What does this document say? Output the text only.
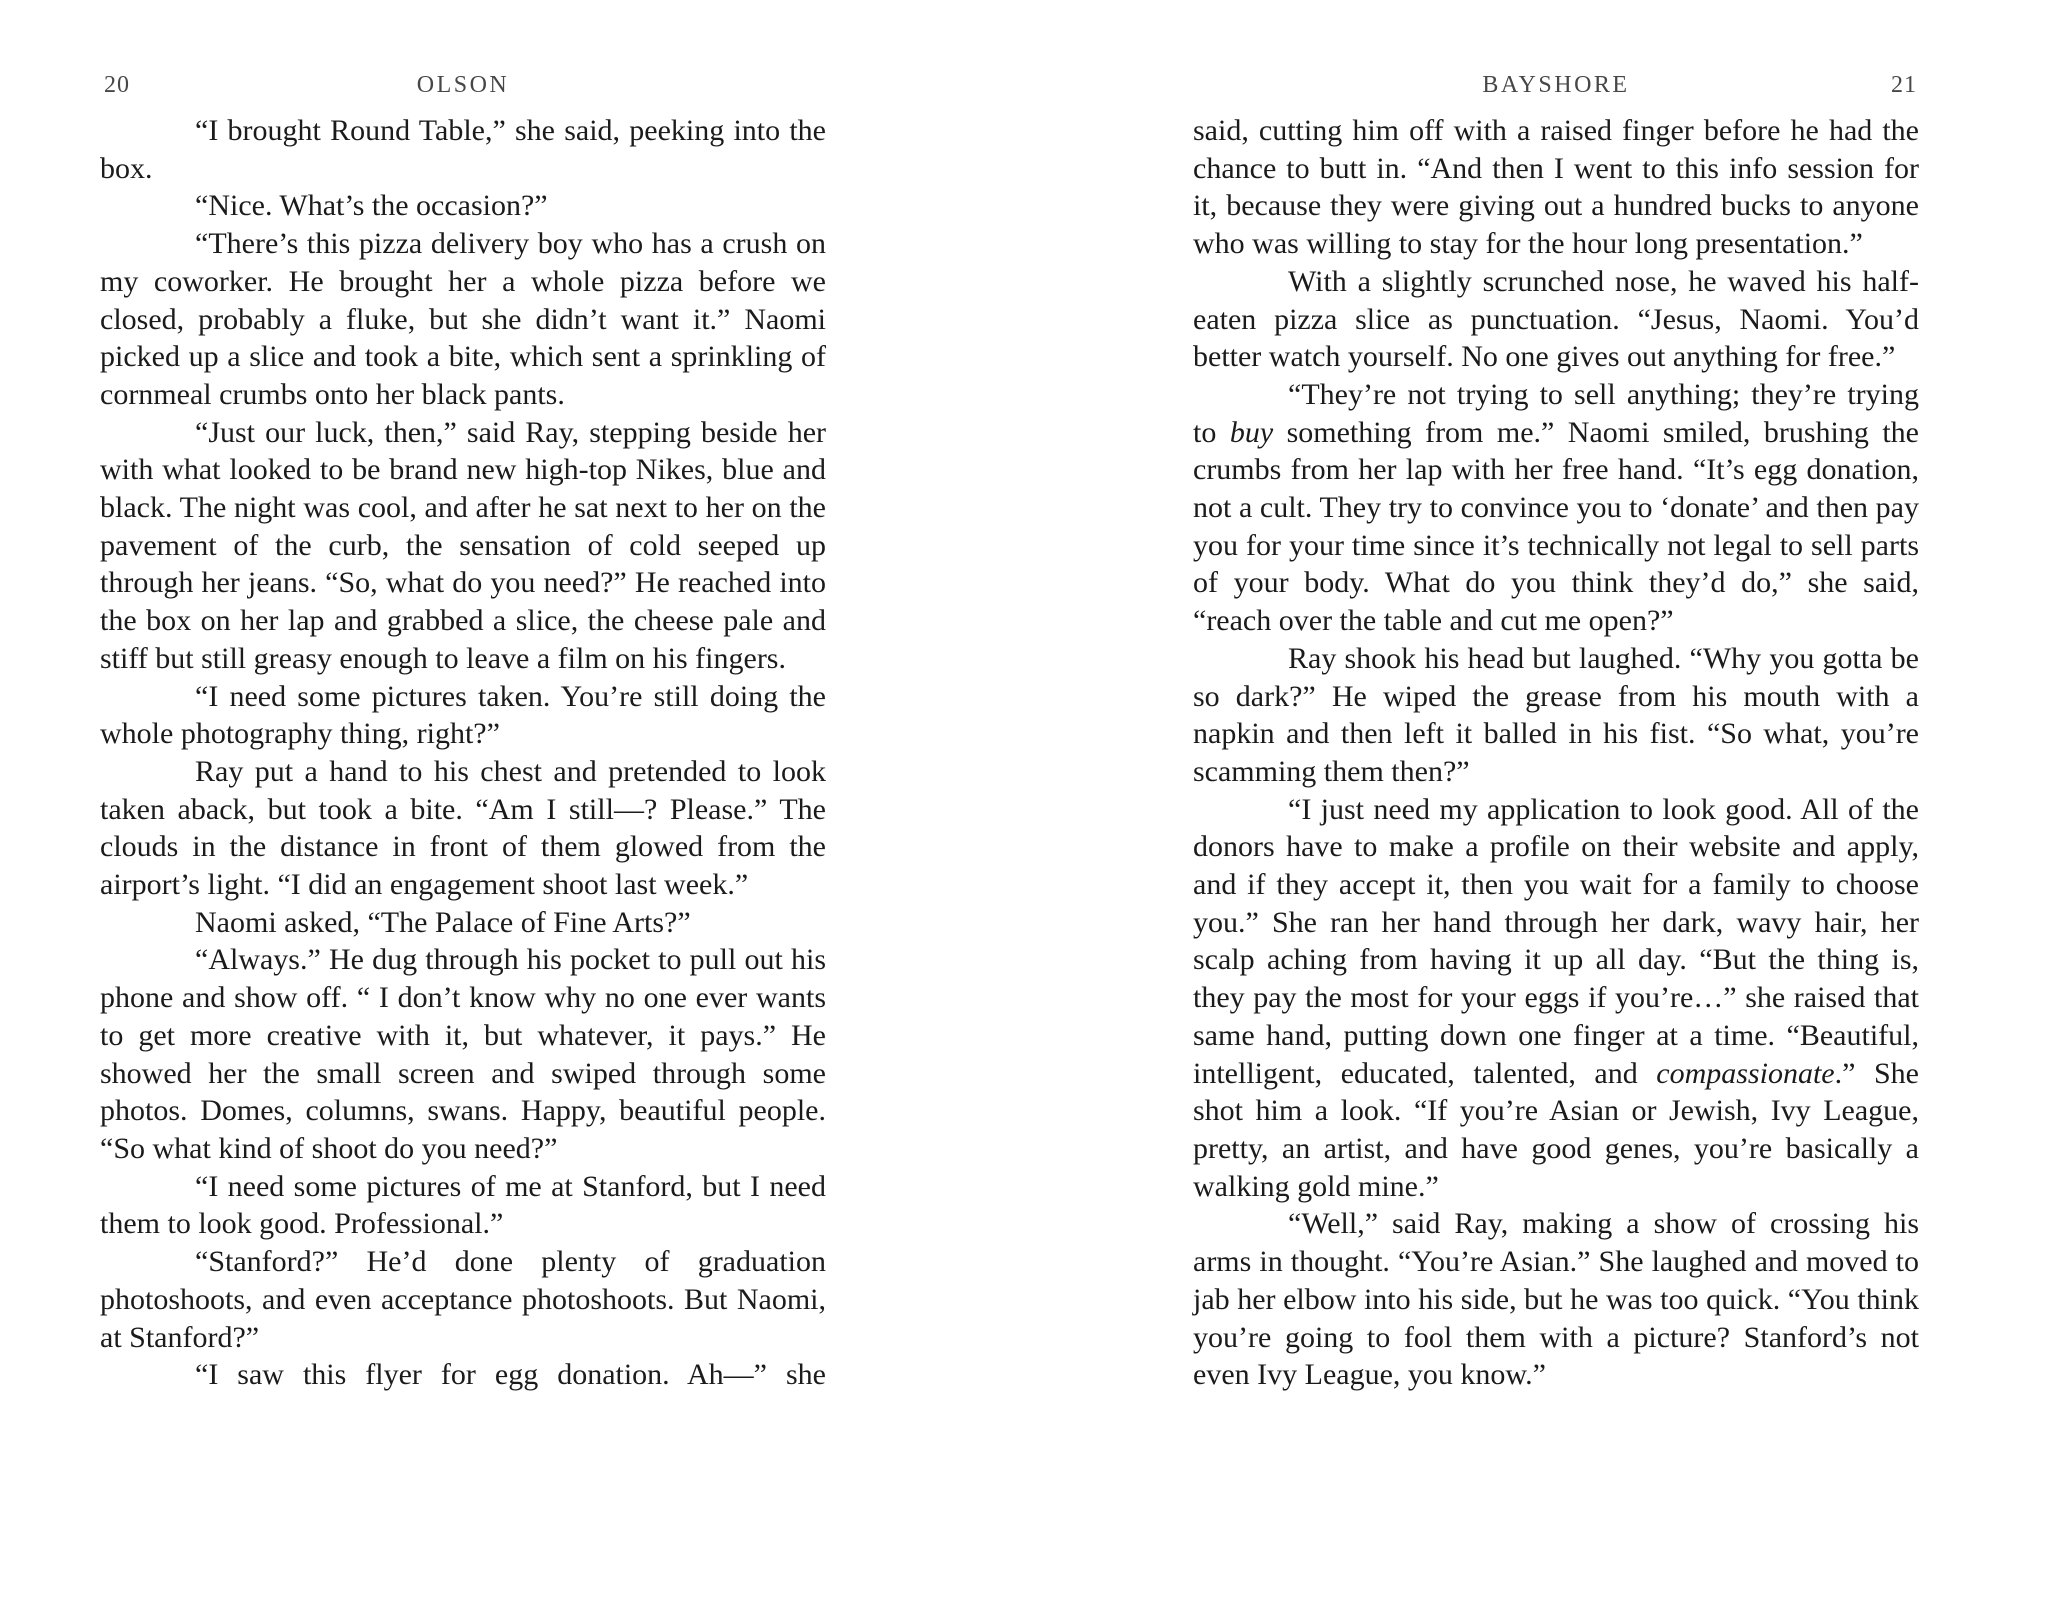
20	OLSON

“I brought Round Table,” she said, peeking into the box.

“Nice. What’s the occasion?”

“There’s this pizza delivery boy who has a crush on my coworker. He brought her a whole pizza before we closed, probably a fluke, but she didn’t want it.” Naomi picked up a slice and took a bite, which sent a sprinkling of cornmeal crumbs onto her black pants.

“Just our luck, then,” said Ray, stepping beside her with what looked to be brand new high-top Nikes, blue and black. The night was cool, and after he sat next to her on the pavement of the curb, the sensation of cold seeped up through her jeans. “So, what do you need?” He reached into the box on her lap and grabbed a slice, the cheese pale and stiff but still greasy enough to leave a film on his fingers.

“I need some pictures taken. You’re still doing the whole photography thing, right?”

Ray put a hand to his chest and pretended to look taken aback, but took a bite. “Am I still—? Please.” The clouds in the distance in front of them glowed from the airport’s light. “I did an engagement shoot last week.”

Naomi asked, “The Palace of Fine Arts?”

“Always.” He dug through his pocket to pull out his phone and show off. “ I don’t know why no one ever wants to get more creative with it, but whatever, it pays.” He showed her the small screen and swiped through some photos. Domes, columns, swans. Happy, beautiful people. “So what kind of shoot do you need?”

“I need some pictures of me at Stanford, but I need them to look good. Professional.”

“Stanford?” He’d done plenty of graduation photoshoots, and even acceptance photoshoots. But Naomi, at Stanford?”

“I saw this flyer for egg donation. Ah—” she

BAYSHORE	21

said, cutting him off with a raised finger before he had the chance to butt in. “And then I went to this info session for it, because they were giving out a hundred bucks to anyone who was willing to stay for the hour long presentation.”

With a slightly scrunched nose, he waved his half-eaten pizza slice as punctuation. “Jesus, Naomi. You’d better watch yourself. No one gives out anything for free.”

“They’re not trying to sell anything; they’re trying to buy something from me.” Naomi smiled, brushing the crumbs from her lap with her free hand. “It’s egg donation, not a cult. They try to convince you to ‘donate’ and then pay you for your time since it’s technically not legal to sell parts of your body. What do you think they’d do,” she said, “reach over the table and cut me open?”

Ray shook his head but laughed. “Why you gotta be so dark?” He wiped the grease from his mouth with a napkin and then left it balled in his fist. “So what, you’re scamming them then?”

“I just need my application to look good. All of the donors have to make a profile on their website and apply, and if they accept it, then you wait for a family to choose you.” She ran her hand through her dark, wavy hair, her scalp aching from having it up all day. “But the thing is, they pay the most for your eggs if you’re…” she raised that same hand, putting down one finger at a time. “Beautiful, intelligent, educated, talented, and compassionate.” She shot him a look. “If you’re Asian or Jewish, Ivy League, pretty, an artist, and have good genes, you’re basically a walking gold mine.”

“Well,” said Ray, making a show of crossing his arms in thought. “You’re Asian.” She laughed and moved to jab her elbow into his side, but he was too quick. “You think you’re going to fool them with a picture? Stanford’s not even Ivy League, you know.”
